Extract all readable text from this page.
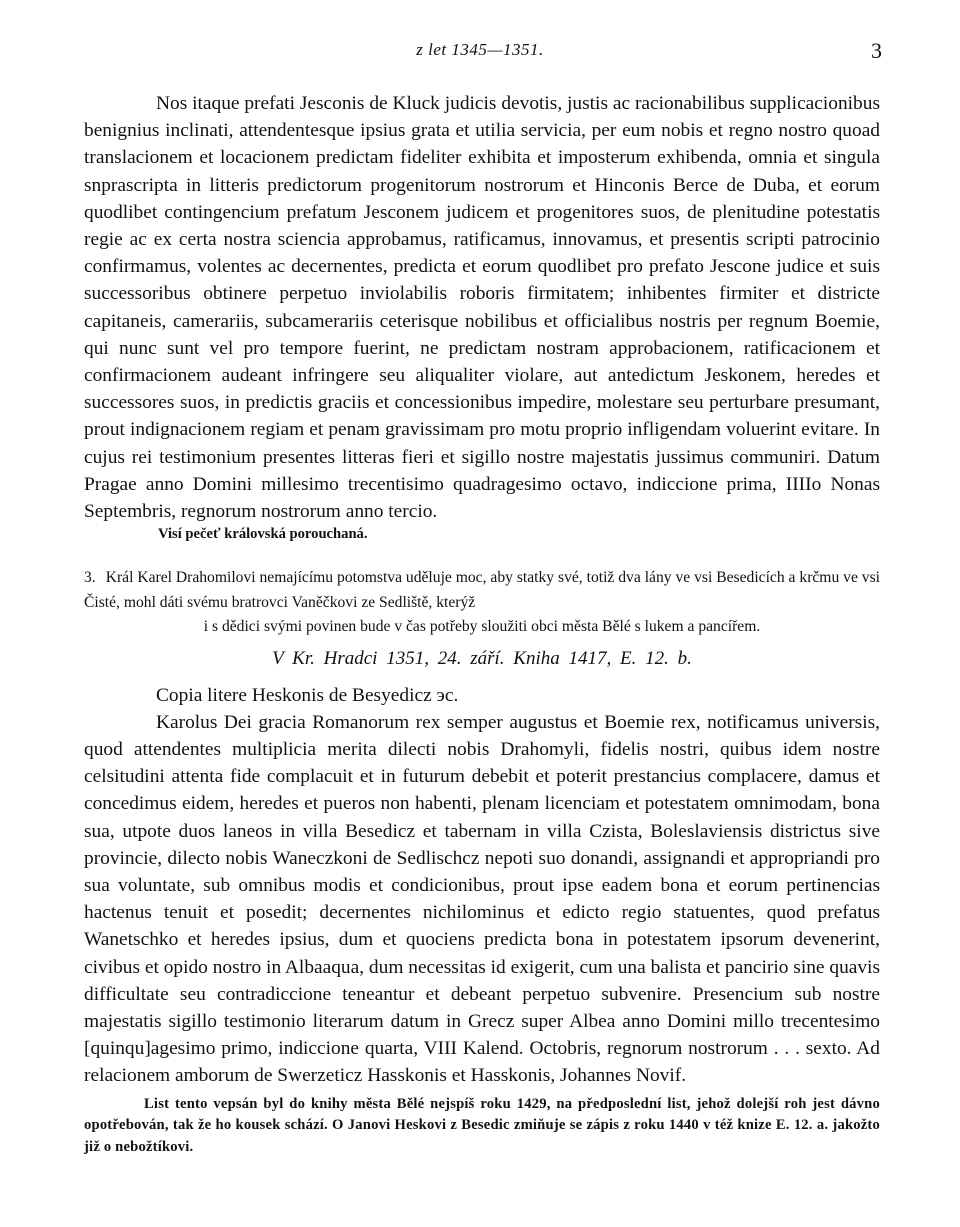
z let 1345—1351.	3

Nos itaque prefati Jesconis de Kluck judicis devotis, justis ac racionabilibus supplicacionibus benignius inclinati, attendentesque ipsius grata et utilia servicia, per eum nobis et regno nostro quoad translacionem et locacionem predictam fideliter exhibita et imposterum exhibenda, omnia et singula snprascripta in litteris predictorum progenitorum nostrorum et Hinconis Berce de Duba, et eorum quodlibet contingencium prefatum Jesconem judicem et progenitores suos, de plenitudine potestatis regie ac ex certa nostra sciencia approbamus, ratificamus, innovamus, et presentis scripti patrocinio confirmamus, volentes ac decernentes, predicta et eorum quodlibet pro prefato Jescone judice et suis successoribus obtinere perpetuo inviolabilis roboris firmitatem; inhibentes firmiter et districte capitaneis, camerariis, subcamerariis ceterisque nobilibus et officialibus nostris per regnum Boemie, qui nunc sunt vel pro tempore fuerint, ne predictam nostram approbacionem, ratificacionem et confirmacionem audeant infringere seu aliqualiter violare, aut antedictum Jeskonem, heredes et successores suos, in predictis graciis et concessionibus impedire, molestare seu perturbare presumant, prout indignacionem regiam et penam gravissimam pro motu proprio infligendam voluerint evitare. In cujus rei testimonium presentes litteras fieri et sigillo nostre majestatis jussimus communiri. Datum Pragae anno Domini millesimo trecentisimo quadragesimo octavo, indiccione prima, IIIIo Nonas Septembris, regnorum nostrorum anno tercio.

Visí pečeť královská porouchaná.

3. Král Karel Drahomilovi nemajícímu potomstva uděluje moc, aby statky své, totiž dva lány ve vsi Besedicích a krčmu ve vsi Čisté, mohl dáti svému bratrovci Vaněčkovi ze Sedliště, kterýž

i s dědici svými povinen bude v čas potřeby sloužiti obci města Bělé s lukem a pancířem.

V Kr. Hradci 1351, 24. září. Kniha 1417, E. 12. b.

Copia litere Heskonis de Besyedicz эc.

Karolus Dei gracia Romanorum rex semper augustus et Boemie rex, notificamus universis, quod attendentes multiplicia merita dilecti nobis Drahomyli, fidelis nostri, quibus idem nostre celsitudini attenta fide complacuit et in futurum debebit et poterit prestancius complacere, damus et concedimus eidem, heredes et pueros non habenti, plenam licenciam et potestatem omnimodam, bona sua, utpote duos laneos in villa Besedicz et tabernam in villa Czista, Boleslaviensis districtus sive provincie, dilecto nobis Waneczkoni de Sedlischcz nepoti suo donandi, assignandi et appropriandi pro sua voluntate, sub omnibus modis et condicionibus, prout ipse eadem bona et eorum pertinencias hactenus tenuit et posedit; decernentes nichilominus et edicto regio statuentes, quod prefatus Wanetschko et heredes ipsius, dum et quociens predicta bona in potestatem ipsorum devenerint, civibus et opido nostro in Albaaqua, dum necessitas id exigerit, cum una balista et pancirio sine quavis difficultate seu contradiccione teneantur et debeant perpetuo subvenire. Presencium sub nostre majestatis sigillo testimonio literarum datum in Grecz super Albea anno Domini millo trecentesimo [quinqu]agesimo primo, indiccione quarta, VIII Kalend. Octobris, regnorum nostrorum . . . sexto. Ad relacionem amborum de Swerzeticz Hasskonis et Hasskonis, Johannes Novif.

List tento vepsán byl do knihy města Bělé nejspíš roku 1429, na předposlední list, jehož dolejší roh jest dávno opotřebován, tak že ho kousek schází. O Janovi Heskovi z Besedic zmiňuje se zápis z roku 1440 v též knize E. 12. a. jakožto již o nebožtíkovi.
